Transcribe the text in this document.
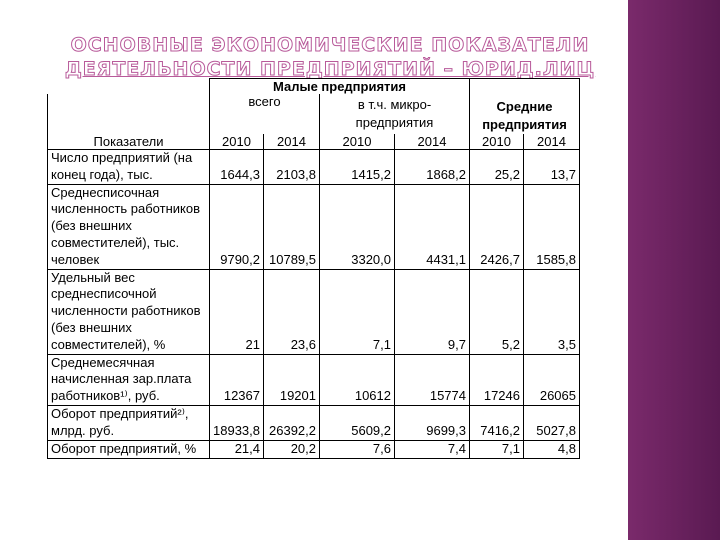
ОСНОВНЫЕ ЭКОНОМИЧЕСКИЕ ПОКАЗАТЕЛИ
ДЕЯТЕЛЬНОСТИ ПРЕДПРИЯТИЙ – ЮРИД.ЛИЦ
	Малые предприятия					
	всего		в т.ч. микро-предприятия		Средние предприятия	
Показатели	2010	2014	2010	2014	2010	2014
Число предприятий (на конец года), тыс.	1644,3	2103,8	1415,2	1868,2	25,2	13,7
Среднесписочная численность работников (без внешних совместителей), тыс. человек	9790,2	10789,5	3320,0	4431,1	2426,7	1585,8
Удельный вес среднесписочной численности работников (без внешних совместителей), %	21	23,6	7,1	9,7	5,2	3,5
Среднемесячная начисленная зар.плата работников¹⁾, руб.	12367	19201	10612	15774	17246	26065
Оборот предприятий²⁾, млрд. руб.	18933,8	26392,2	5609,2	9699,3	7416,2	5027,8
Оборот предприятий, %	21,4	20,2	7,6	7,4	7,1	4,8
